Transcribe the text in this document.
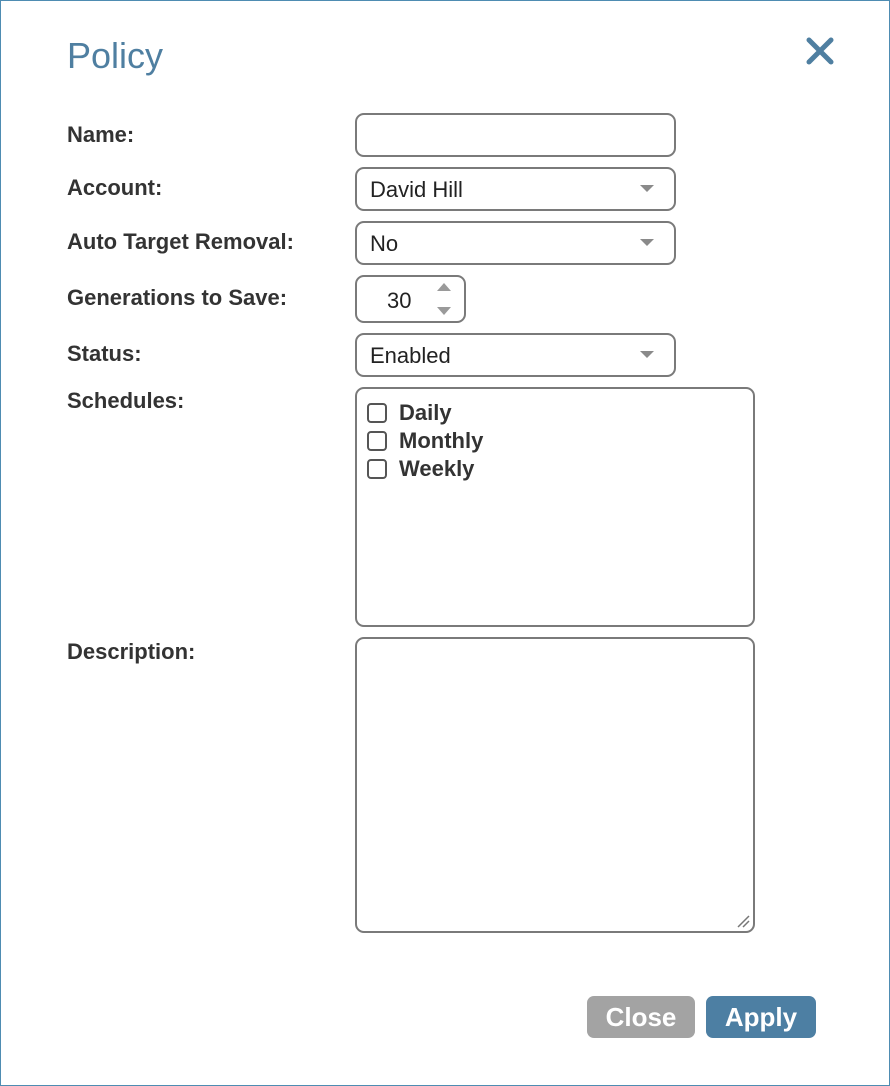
Policy
Name:
Account:	David Hill
Auto Target Removal:	No
Generations to Save:	30
Status:	Enabled
Schedules:	Daily
Monthly
Weekly
Description:
Close	Apply
